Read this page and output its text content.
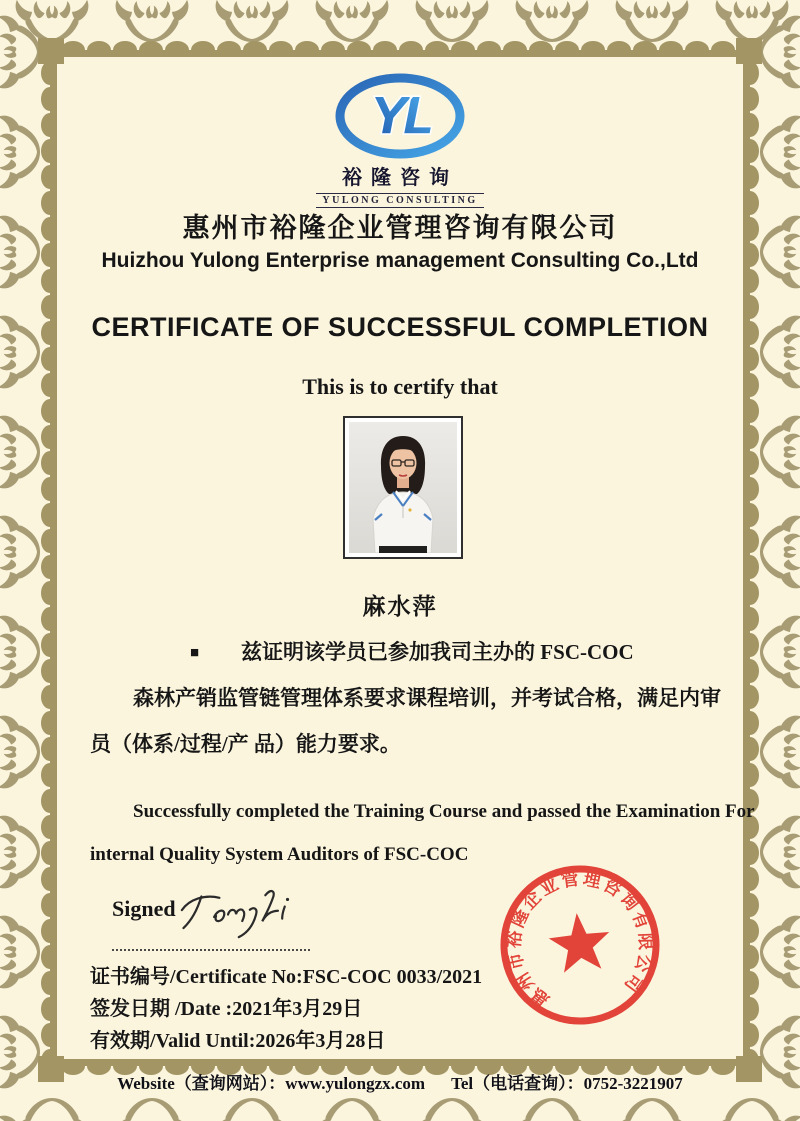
YL
裕隆咨询
YULONG CONSULTING
惠州市裕隆企业管理咨询有限公司
Huizhou Yulong Enterprise management Consulting Co.,Ltd
CERTIFICATE OF SUCCESSFUL COMPLETION
This is to certify that
麻水萍
■ 兹证明该学员已参加我司主办的 FSC-COC
森林产销监管链管理体系要求课程培训，并考试合格，满足内审
员（体系/过程/产 品）能力要求。
Successfully completed the Training Course and passed the Examination For
internal Quality System Auditors of FSC-COC
Signed
证书编号/Certificate No:FSC-COC 0033/2021
签发日期 /Date :2021年3月29日
有效期/Valid Until:2026年3月28日
惠州市裕隆企业管理咨询有限公司
Website（查询网站）：www.yulongzx.com Tel（电话查询）：0752-3221907
